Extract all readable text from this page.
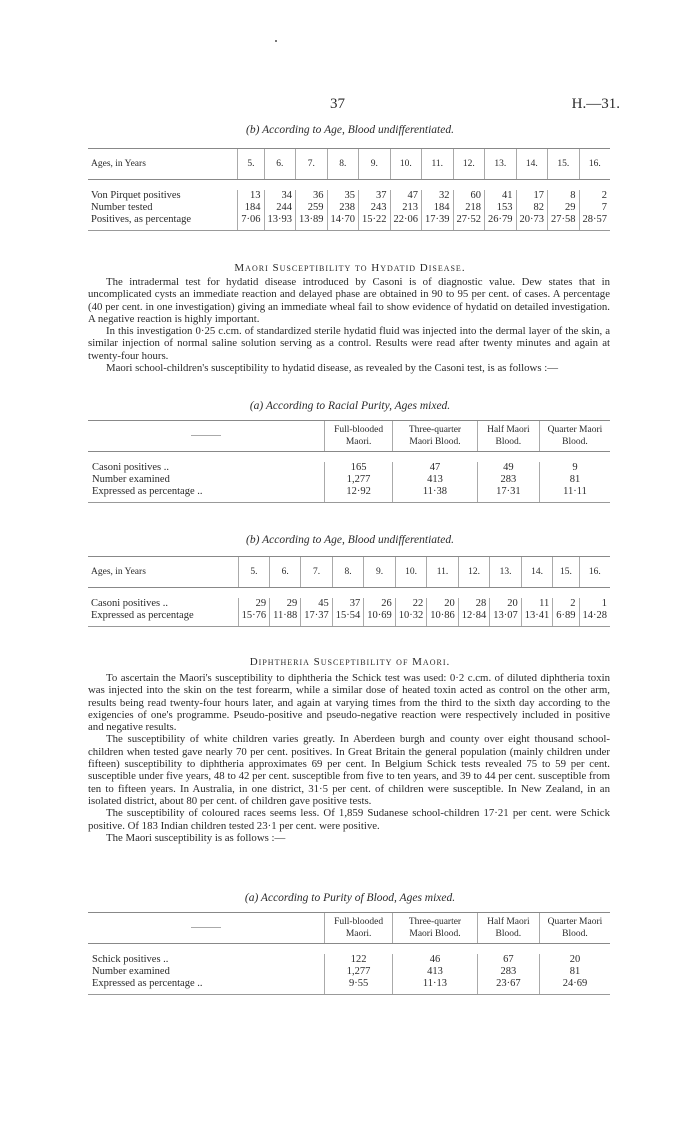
37	H.—31.
(b) According to Age, Blood undifferentiated.
Ages, in Years	5.	6.	7.	8.	9.	10.	11.	12.	13.	14.	15.	16.

Von Pirquet positives	13	34	36	35	37	47	32	60	41	17	8	2
Number tested	184	244	259	238	243	213	184	218	153	82	29	7
Positives, as percentage	7·06	13·93	13·89	14·70	15·22	22·06	17·39	27·52	26·79	20·73	27·58	28·57
Maori Susceptibility to Hydatid Disease.

The intradermal test for hydatid disease introduced by Casoni is of diagnostic value. Dew states that in uncomplicated cysts an immediate reaction and delayed phase are obtained in 90 to 95 per cent. of cases. A percentage (40 per cent. in one investigation) giving an immediate wheal fail to show evidence of hydatid on detailed investigation. A negative reaction is highly important.

In this investigation 0·25 c.cm. of standardized sterile hydatid fluid was injected into the dermal layer of the skin, a similar injection of normal saline solution serving as a control. Results were read after twenty minutes and again at twenty-four hours.

Maori school-children's susceptibility to hydatid disease, as revealed by the Casoni test, is as follows :—

(a) According to Racial Purity, Ages mixed.
	Full-blooded Maori.	Three-quarter Maori Blood.	Half Maori Blood.	Quarter Maori Blood.

Casoni positives ..	165	47	49	9
Number examined	1,277	413	283	81
Expressed as percentage ..	12·92	11·38	17·31	11·11
(b) According to Age, Blood undifferentiated.
Ages, in Years	5.	6.	7.	8.	9.	10.	11.	12.	13.	14.	15.	16.

Casoni positives ..	29	29	45	37	26	22	20	28	20	11	2	1
Expressed as percentage	15·76	11·88	17·37	15·54	10·69	10·32	10·86	12·84	13·07	13·41	6·89	14·28
Diphtheria Susceptibility of Maori.

To ascertain the Maori's susceptibility to diphtheria the Schick test was used: 0·2 c.cm. of diluted diphtheria toxin was injected into the skin on the test forearm, while a similar dose of heated toxin acted as control on the other arm, results being read twenty-four hours later, and again at varying times from the third to the sixth day according to the exigencies of one's programme. Pseudo-positive and pseudo-negative reaction were respectively included in positive and negative results.

The susceptibility of white children varies greatly. In Aberdeen burgh and county over eight thousand school-children when tested gave nearly 70 per cent. positives. In Great Britain the general population (mainly children under fifteen) susceptibility to diphtheria approximates 69 per cent. In Belgium Schick tests revealed 75 to 59 per cent. susceptible under five years, 48 to 42 per cent. susceptible from five to ten years, and 39 to 44 per cent. susceptible from ten to fifteen years. In Australia, in one district, 31·5 per cent. of children were susceptible. In New Zealand, in an isolated district, about 80 per cent. of children gave positive tests.

The susceptibility of coloured races seems less. Of 1,859 Sudanese school-children 17·21 per cent. were Schick positive. Of 183 Indian children tested 23·1 per cent. were positive.

The Maori susceptibility is as follows :—

(a) According to Purity of Blood, Ages mixed.
	Full-blooded Maori.	Three-quarter Maori Blood.	Half Maori Blood.	Quarter Maori Blood.

Schick positives ..	122	46	67	20
Number examined	1,277	413	283	81
Expressed as percentage ..	9·55	11·13	23·67	24·69
